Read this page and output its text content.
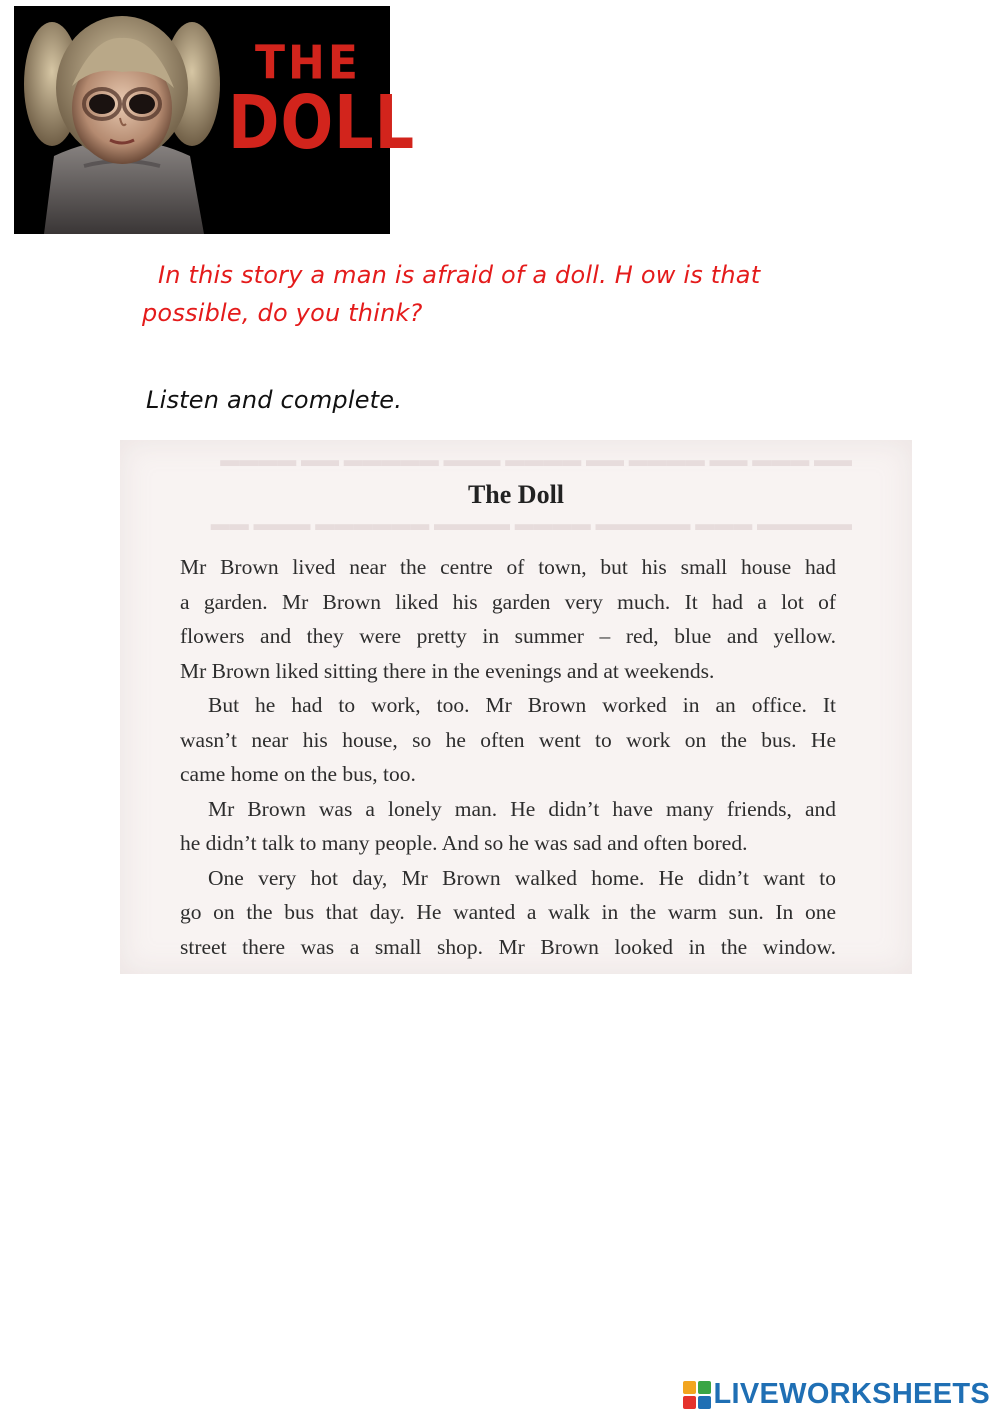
THE
DOLL
In this story a man is afraid of a doll. H ow is that
possible, do you think?
Listen and complete.
▬▬ ▬▬▬ ▬▬ ▬▬▬▬ ▬▬ ▬▬▬▬ ▬▬▬ ▬▬▬▬▬ ▬▬ ▬▬▬▬
▬▬▬▬▬ ▬▬▬ ▬▬▬▬▬ ▬▬▬▬ ▬▬▬▬ ▬▬▬▬▬▬ ▬▬▬ ▬▬
The Doll
Mr Brown lived near the centre of town, but his small house had
a garden. Mr Brown liked his garden very much. It had a lot of
flowers and they were pretty in summer – red, blue and yellow.
Mr Brown liked sitting there in the evenings and at weekends.
But he had to work, too. Mr Brown worked in an office. It
wasn’t near his house, so he often went to work on the bus. He
came home on the bus, too.
Mr Brown was a lonely man. He didn’t have many friends, and
he didn’t talk to many people. And so he was sad and often bored.
One very hot day, Mr Brown walked home. He didn’t want to
go on the bus that day. He wanted a walk in the warm sun. In one
street there was a small shop. Mr Brown looked in the window.
LIVEWORKSHEETS
